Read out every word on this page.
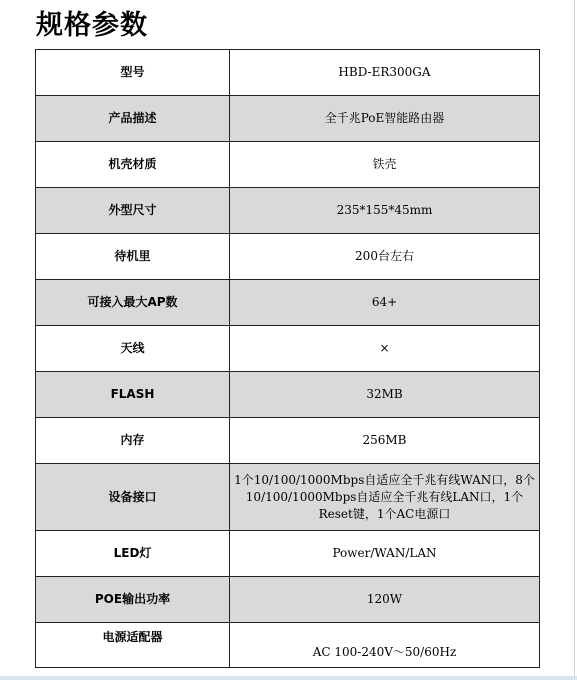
规格参数
型号	HBD-ER300GA
产品描述	全千兆PoE智能路由器
机壳材质	铁壳
外型尺寸	235*155*45mm
待机里	200台左右
可接入最大AP数	64+
天线	×
FLASH	32MB
内存	256MB
设备接口	1个10/100/1000Mbps自适应全千兆有线WAN口，8个10/100/1000Mbps自适应全千兆有线LAN口，1个Reset键，1个AC电源口
LED灯	Power/WAN/LAN
POE输出功率	120W
电源适配器	AC 100-240V～50/60Hz
